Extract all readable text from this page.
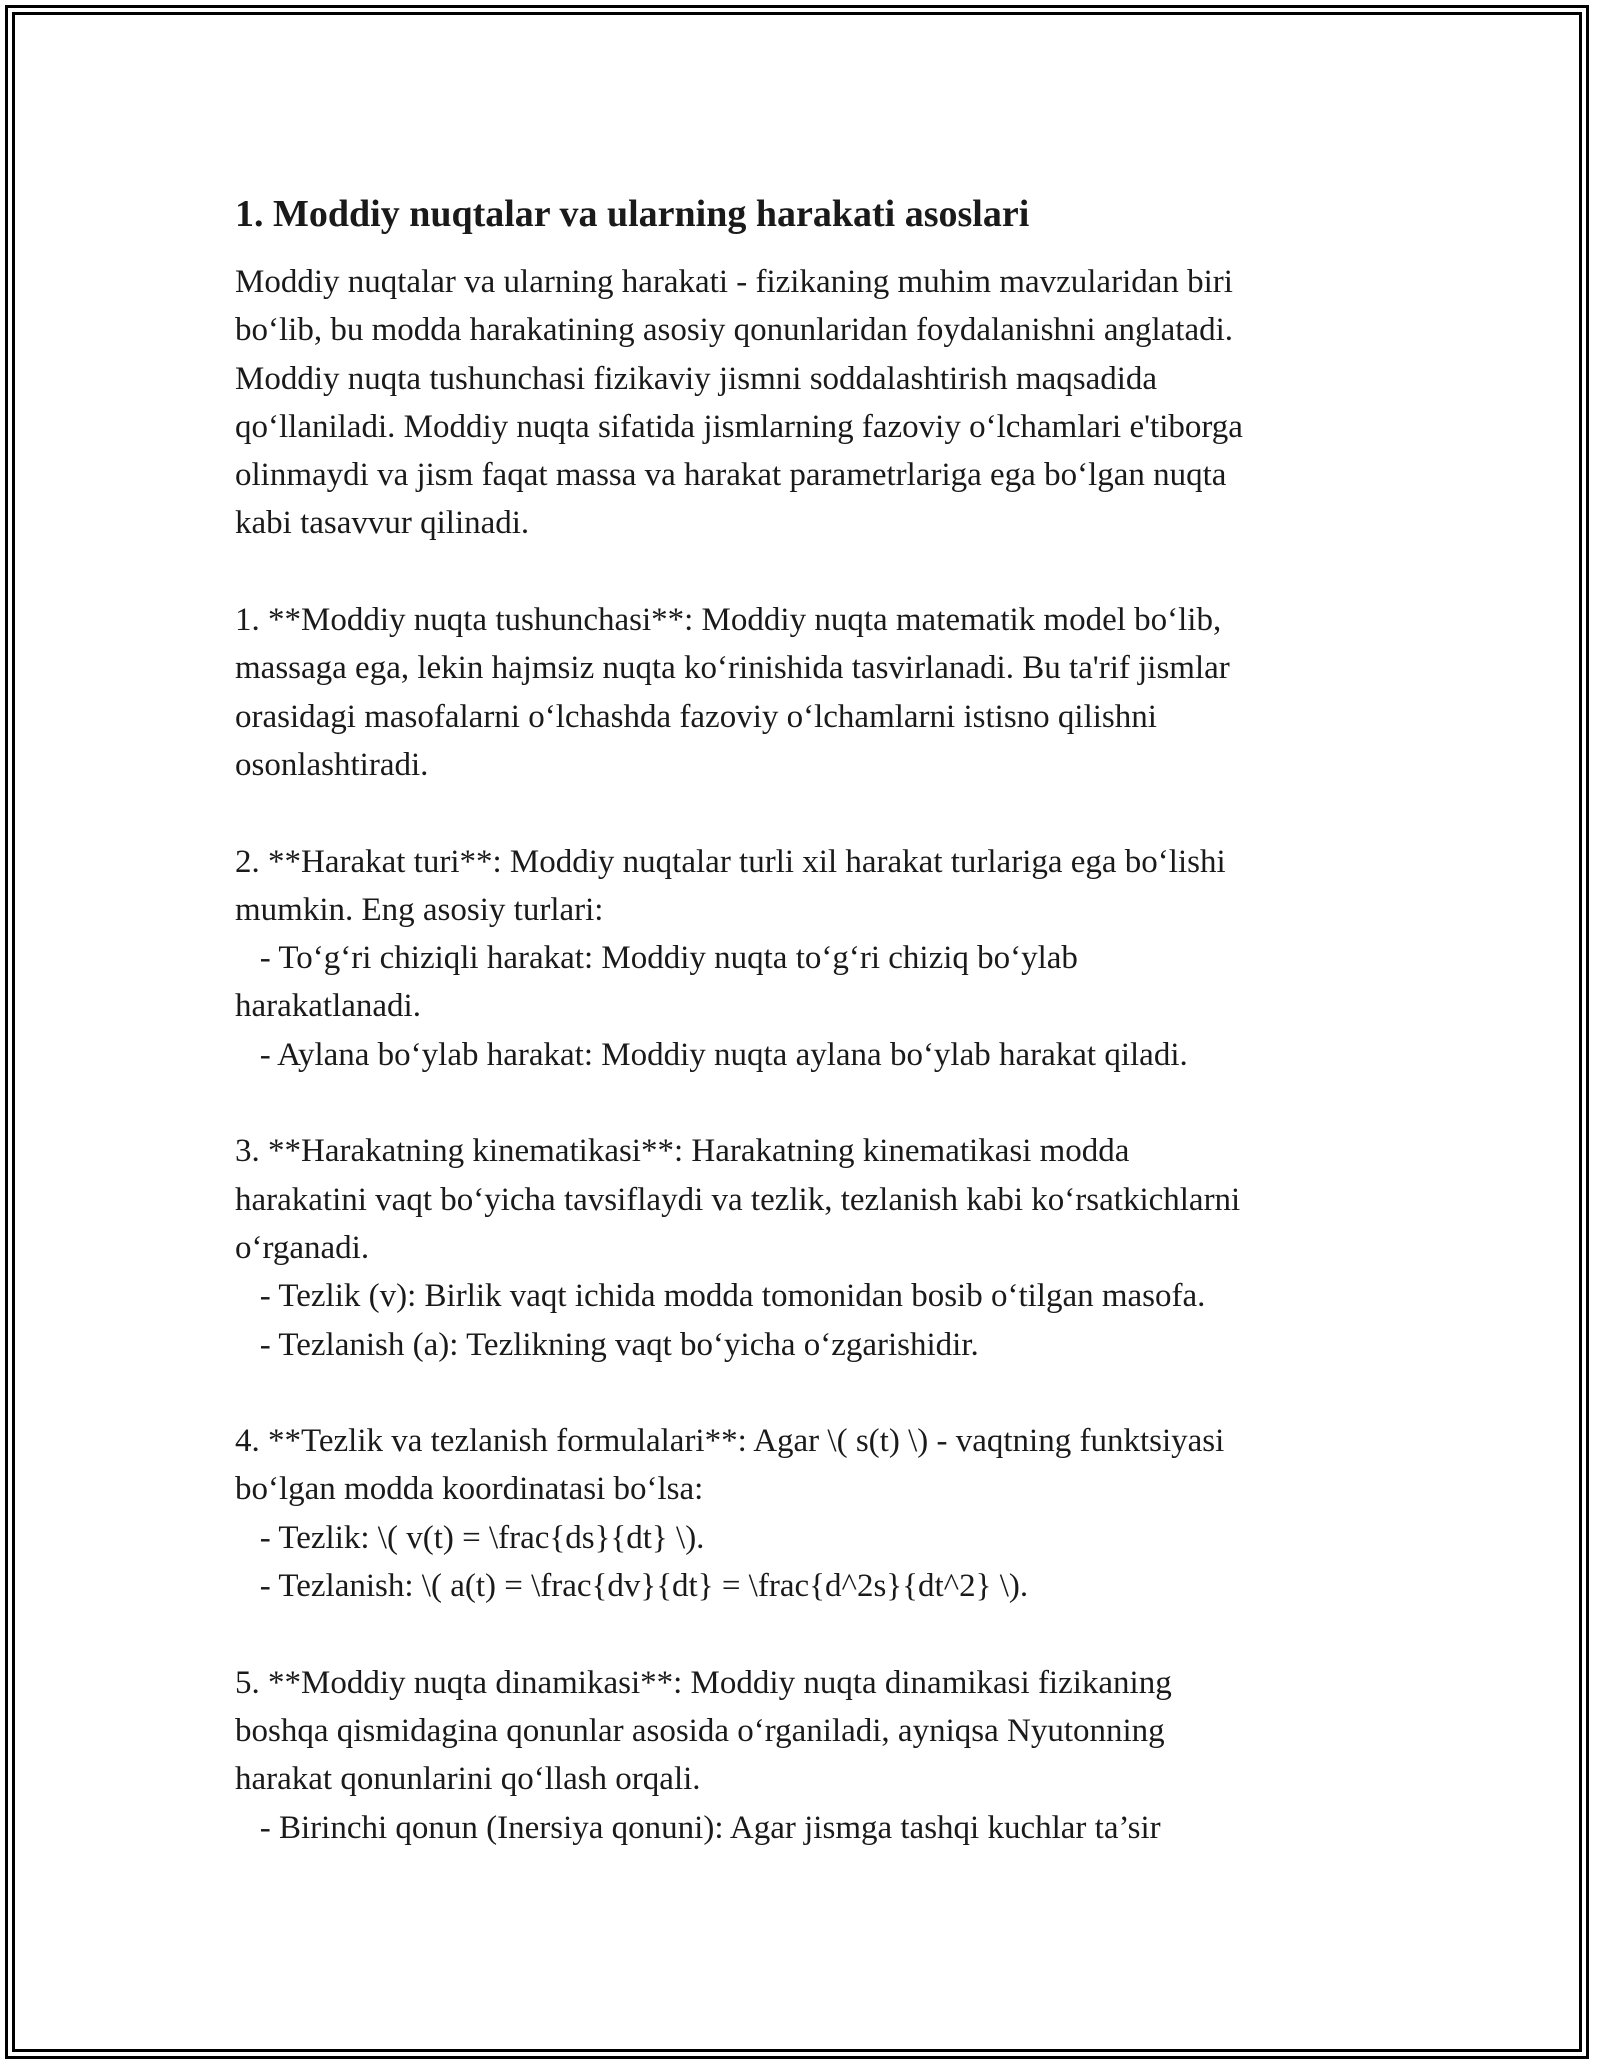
1. Moddiy nuqtalar va ularning harakati asoslari
Moddiy nuqtalar va ularning harakati - fizikaning muhim mavzularidan biri
bo‘lib, bu modda harakatining asosiy qonunlaridan foydalanishni anglatadi.
Moddiy nuqta tushunchasi fizikaviy jismni soddalashtirish maqsadida
qo‘llaniladi. Moddiy nuqta sifatida jismlarning fazoviy o‘lchamlari e'tiborga
olinmaydi va jism faqat massa va harakat parametrlariga ega bo‘lgan nuqta
kabi tasavvur qilinadi.
1. **Moddiy nuqta tushunchasi**: Moddiy nuqta matematik model bo‘lib,
massaga ega, lekin hajmsiz nuqta ko‘rinishida tasvirlanadi. Bu ta'rif jismlar
orasidagi masofalarni o‘lchashda fazoviy o‘lchamlarni istisno qilishni
osonlashtiradi.
2. **Harakat turi**: Moddiy nuqtalar turli xil harakat turlariga ega bo‘lishi
mumkin. Eng asosiy turlari:
- To‘g‘ri chiziqli harakat: Moddiy nuqta to‘g‘ri chiziq bo‘ylab
harakatlanadi.
- Aylana bo‘ylab harakat: Moddiy nuqta aylana bo‘ylab harakat qiladi.
3. **Harakatning kinematikasi**: Harakatning kinematikasi modda
harakatini vaqt bo‘yicha tavsiflaydi va tezlik, tezlanish kabi ko‘rsatkichlarni
o‘rganadi.
- Tezlik (v): Birlik vaqt ichida modda tomonidan bosib o‘tilgan masofa.
- Tezlanish (a): Tezlikning vaqt bo‘yicha o‘zgarishidir.
4. **Tezlik va tezlanish formulalari**: Agar \( s(t) \) - vaqtning funktsiyasi
bo‘lgan modda koordinatasi bo‘lsa:
- Tezlik: \( v(t) = \frac{ds}{dt} \).
- Tezlanish: \( a(t) = \frac{dv}{dt} = \frac{d^2s}{dt^2} \).
5. **Moddiy nuqta dinamikasi**: Moddiy nuqta dinamikasi fizikaning
boshqa qismidagina qonunlar asosida o‘rganiladi, ayniqsa Nyutonning
harakat qonunlarini qo‘llash orqali.
- Birinchi qonun (Inersiya qonuni): Agar jismga tashqi kuchlar ta’sir
